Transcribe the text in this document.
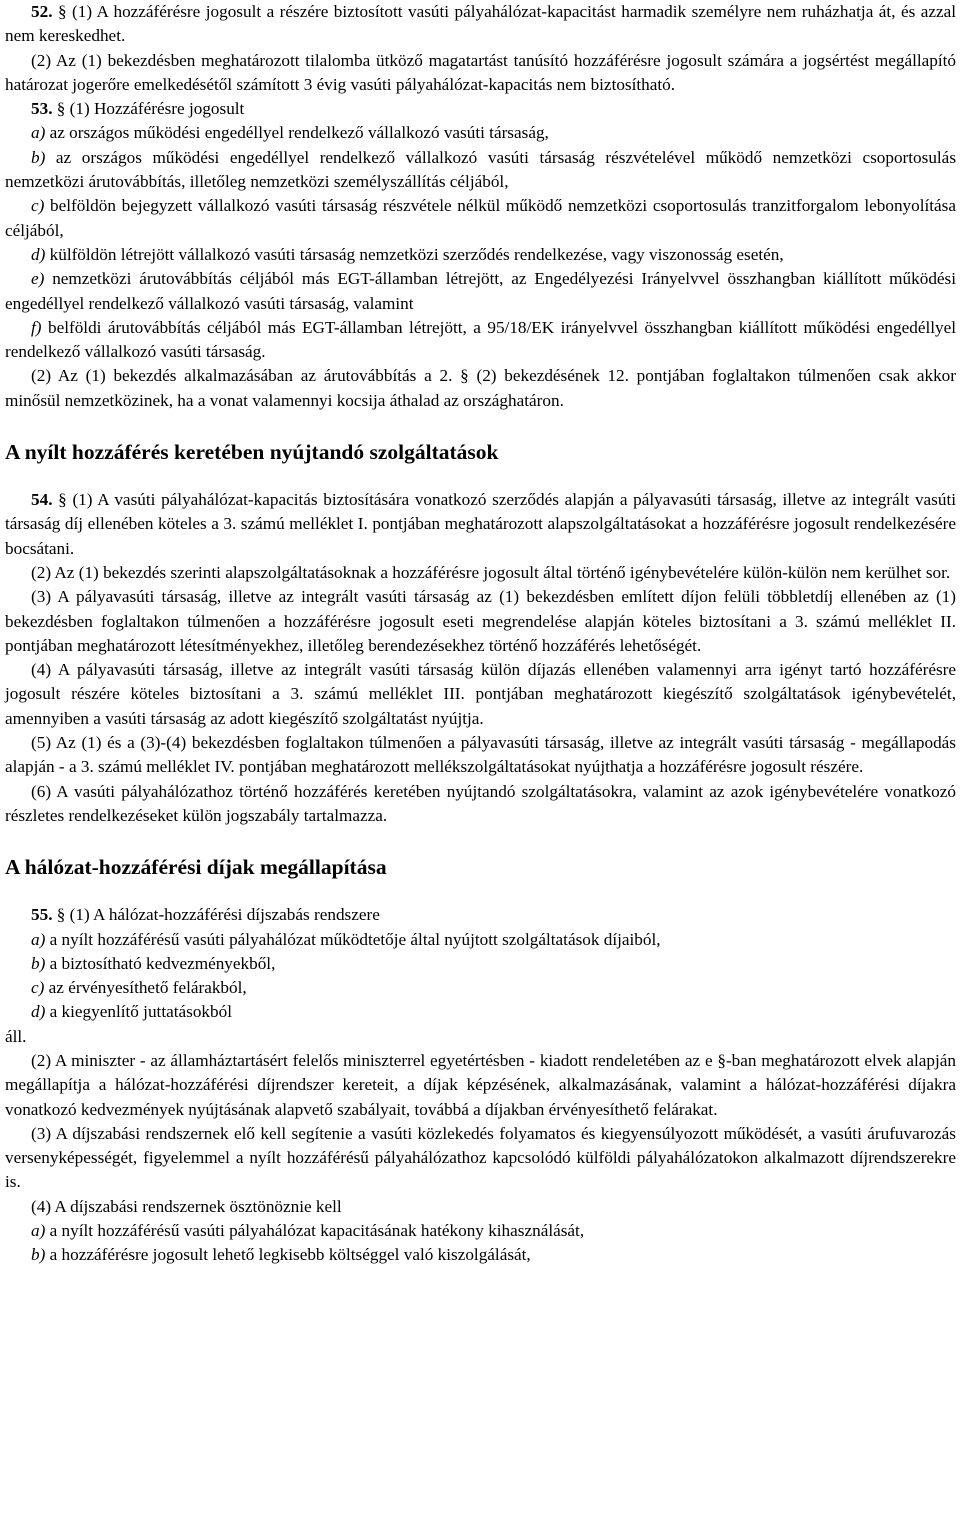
52. § (1) A hozzáférésre jogosult a részére biztosított vasúti pályahálózat-kapacitást harmadik személyre nem ruházhatja át, és azzal nem kereskedhet.

(2) Az (1) bekezdésben meghatározott tilalomba ütköző magatartást tanúsító hozzáférésre jogosult számára a jogsértést megállapító határozat jogerőre emelkedésétől számított 3 évig vasúti pályahálózat-kapacitás nem biztosítható.

53. § (1) Hozzáférésre jogosult

a) az országos működési engedéllyel rendelkező vállalkozó vasúti társaság,

b) az országos működési engedéllyel rendelkező vállalkozó vasúti társaság részvételével működő nemzetközi csoportosulás nemzetközi árutovábbítás, illetőleg nemzetközi személyszállítás céljából,

c) belföldön bejegyzett vállalkozó vasúti társaság részvétele nélkül működő nemzetközi csoportosulás tranzitforgalom lebonyolítása céljából,

d) külföldön létrejött vállalkozó vasúti társaság nemzetközi szerződés rendelkezése, vagy viszonosság esetén,

e) nemzetközi árutovábbítás céljából más EGT-államban létrejött, az Engedélyezési Irányelvvel összhangban kiállított működési engedéllyel rendelkező vállalkozó vasúti társaság, valamint

f) belföldi árutovábbítás céljából más EGT-államban létrejött, a 95/18/EK irányelvvel összhangban kiállított működési engedéllyel rendelkező vállalkozó vasúti társaság.

(2) Az (1) bekezdés alkalmazásában az árutovábbítás a 2. § (2) bekezdésének 12. pontjában foglaltakon túlmenően csak akkor minősül nemzetközinek, ha a vonat valamennyi kocsija áthalad az országhatáron.

A nyílt hozzáférés keretében nyújtandó szolgáltatások

54. § (1) A vasúti pályahálózat-kapacitás biztosítására vonatkozó szerződés alapján a pályavasúti társaság, illetve az integrált vasúti társaság díj ellenében köteles a 3. számú melléklet I. pontjában meghatározott alapszolgáltatásokat a hozzáférésre jogosult rendelkezésére bocsátani.

(2) Az (1) bekezdés szerinti alapszolgáltatásoknak a hozzáférésre jogosult által történő igénybevételére külön-külön nem kerülhet sor.

(3) A pályavasúti társaság, illetve az integrált vasúti társaság az (1) bekezdésben említett díjon felüli többletdíj ellenében az (1) bekezdésben foglaltakon túlmenően a hozzáférésre jogosult eseti megrendelése alapján köteles biztosítani a 3. számú melléklet II. pontjában meghatározott létesítményekhez, illetőleg berendezésekhez történő hozzáférés lehetőségét.

(4) A pályavasúti társaság, illetve az integrált vasúti társaság külön díjazás ellenében valamennyi arra igényt tartó hozzáférésre jogosult részére köteles biztosítani a 3. számú melléklet III. pontjában meghatározott kiegészítő szolgáltatások igénybevételét, amennyiben a vasúti társaság az adott kiegészítő szolgáltatást nyújtja.

(5) Az (1) és a (3)-(4) bekezdésben foglaltakon túlmenően a pályavasúti társaság, illetve az integrált vasúti társaság - megállapodás alapján - a 3. számú melléklet IV. pontjában meghatározott mellékszolgáltatásokat nyújthatja a hozzáférésre jogosult részére.

(6) A vasúti pályahálózathoz történő hozzáférés keretében nyújtandó szolgáltatásokra, valamint az azok igénybevételére vonatkozó részletes rendelkezéseket külön jogszabály tartalmazza.

A hálózat-hozzáférési díjak megállapítása

55. § (1) A hálózat-hozzáférési díjszabás rendszere

a) a nyílt hozzáférésű vasúti pályahálózat működtetője által nyújtott szolgáltatások díjaiból,

b) a biztosítható kedvezményekből,

c) az érvényesíthető felárakból,

d) a kiegyenlítő juttatásokból

áll.

(2) A miniszter - az államháztartásért felelős miniszterrel egyetértésben - kiadott rendeletében az e §-ban meghatározott elvek alapján megállapítja a hálózat-hozzáférési díjrendszer kereteit, a díjak képzésének, alkalmazásának, valamint a hálózat-hozzáférési díjakra vonatkozó kedvezmények nyújtásának alapvető szabályait, továbbá a díjakban érvényesíthető felárakat.

(3) A díjszabási rendszernek elő kell segítenie a vasúti közlekedés folyamatos és kiegyensúlyozott működését, a vasúti árufuvarozás versenyképességét, figyelemmel a nyílt hozzáférésű pályahálózathoz kapcsolódó külföldi pályahálózatokon alkalmazott díjrendszerekre is.

(4) A díjszabási rendszernek ösztönöznie kell

a) a nyílt hozzáférésű vasúti pályahálózat kapacitásának hatékony kihasználását,

b) a hozzáférésre jogosult lehető legkisebb költséggel való kiszolgálását,
